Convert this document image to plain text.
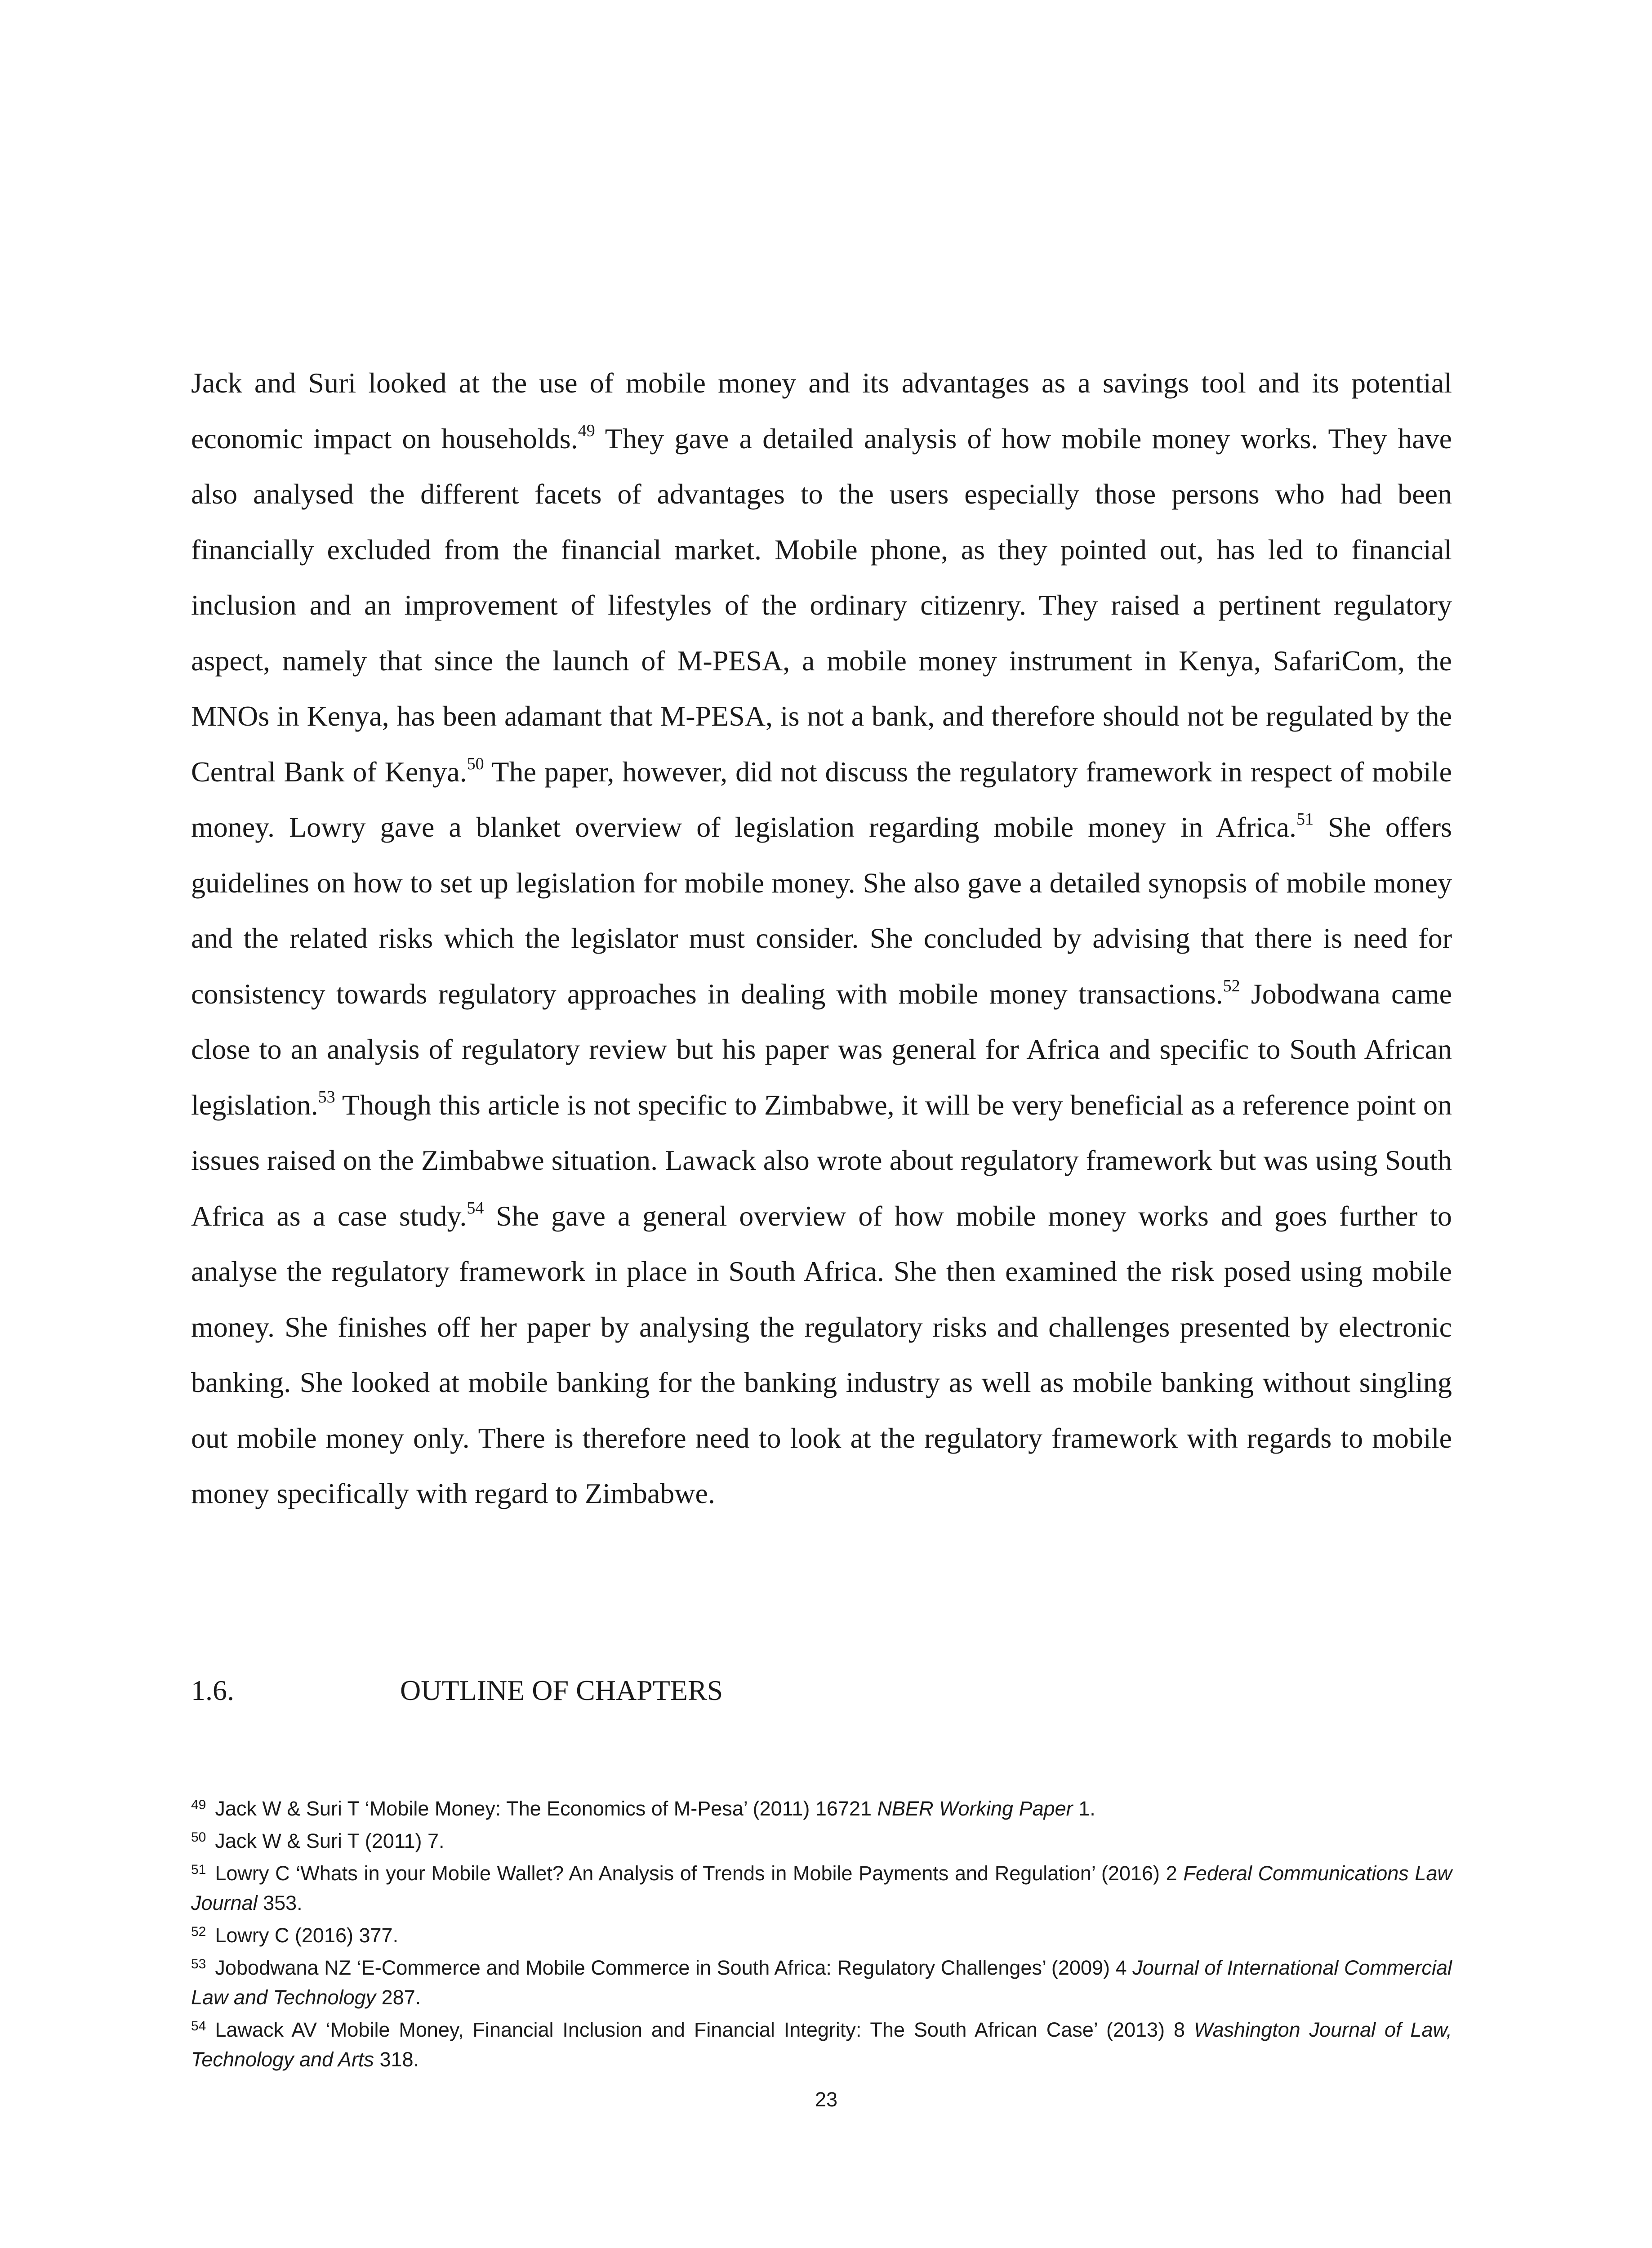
Jack and Suri looked at the use of mobile money and its advantages as a savings tool and its potential economic impact on households.$^{49}$ They gave a detailed analysis of how mobile money works. They have also analysed the different facets of advantages to the users especially those persons who had been financially excluded from the financial market. Mobile phone, as they pointed out, has led to financial inclusion and an improvement of lifestyles of the ordinary citizenry. They raised a pertinent regulatory aspect, namely that since the launch of M-PESA, a mobile money instrument in Kenya, SafariCom, the MNOs in Kenya, has been adamant that M-PESA, is not a bank, and therefore should not be regulated by the Central Bank of Kenya.$^{50}$ The paper, however, did not discuss the regulatory framework in respect of mobile money. Lowry gave a blanket overview of legislation regarding mobile money in Africa.$^{51}$ She offers guidelines on how to set up legislation for mobile money. She also gave a detailed synopsis of mobile money and the related risks which the legislator must consider. She concluded by advising that there is need for consistency towards regulatory approaches in dealing with mobile money transactions.$^{52}$ Jobodwana came close to an analysis of regulatory review but his paper was general for Africa and specific to South African legislation.$^{53}$ Though this article is not specific to Zimbabwe, it will be very beneficial as a reference point on issues raised on the Zimbabwe situation. Lawack also wrote about regulatory framework but was using South Africa as a case study.$^{54}$ She gave a general overview of how mobile money works and goes further to analyse the regulatory framework in place in South Africa. She then examined the risk posed using mobile money. She finishes off her paper by analysing the regulatory risks and challenges presented by electronic banking. She looked at mobile banking for the banking industry as well as mobile banking without singling out mobile money only. There is therefore need to look at the regulatory framework with regards to mobile money specifically with regard to Zimbabwe.

1.6.	OUTLINE OF CHAPTERS

$^{49}$ Jack W & Suri T ‘Mobile Money: The Economics of M-Pesa’ (2011) 16721 NBER Working Paper 1.

$^{50}$ Jack W & Suri T (2011) 7.

$^{51}$ Lowry C ‘Whats in your Mobile Wallet? An Analysis of Trends in Mobile Payments and Regulation’ (2016) 2 Federal Communications Law Journal 353.

$^{52}$ Lowry C (2016) 377.

$^{53}$ Jobodwana NZ ‘E-Commerce and Mobile Commerce in South Africa: Regulatory Challenges’ (2009) 4 Journal of International Commercial Law and Technology 287.

$^{54}$ Lawack AV ‘Mobile Money, Financial Inclusion and Financial Integrity: The South African Case’ (2013) 8 Washington Journal of Law, Technology and Arts 318.

23
